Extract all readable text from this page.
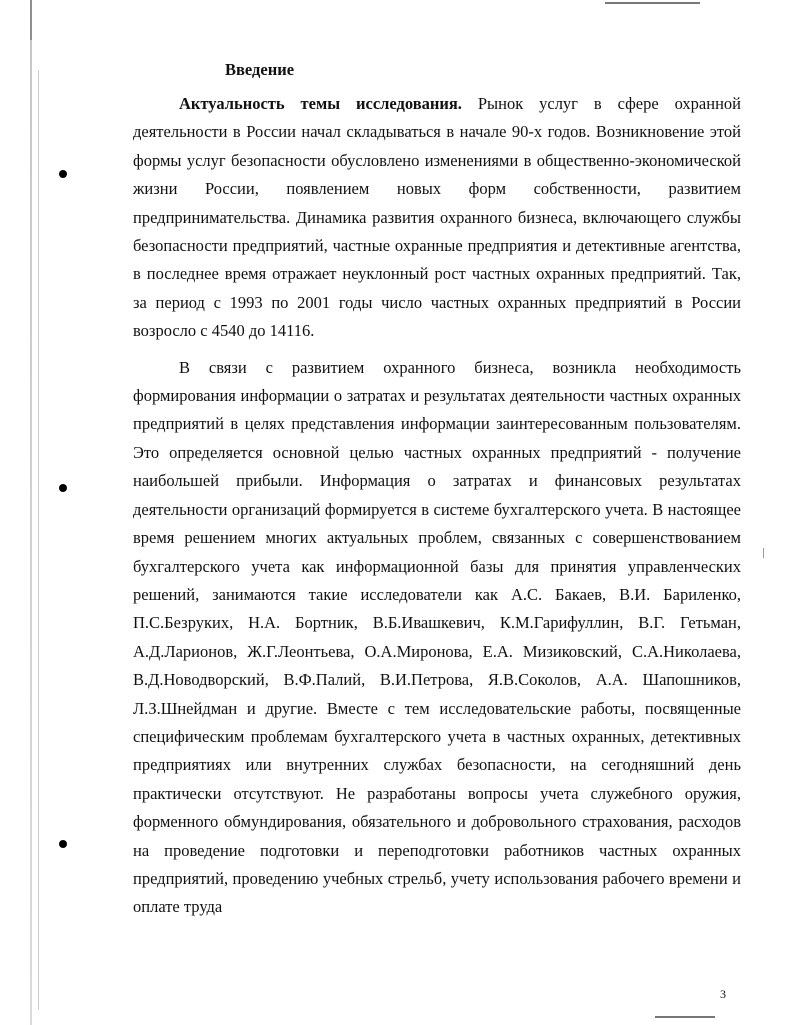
Введение

Актуальность темы исследования. Рынок услуг в сфере охранной деятельности в России начал складываться в начале 90-х годов. Возникновение этой формы услуг безопасности обусловлено изменениями в общественно-экономической жизни России, появлением новых форм собственности, развитием предпринимательства. Динамика развития охранного бизнеса, включающего службы безопасности предприятий, частные охранные предприятия и детективные агентства, в последнее время отражает неуклонный рост частных охранных предприятий. Так, за период с 1993 по 2001 годы число частных охранных предприятий в России возросло с 4540 до 14116.

В связи с развитием охранного бизнеса, возникла необходимость формирования информации о затратах и результатах деятельности частных охранных предприятий в целях представления информации заинтересованным пользователям. Это определяется основной целью частных охранных предприятий - получение наибольшей прибыли. Информация о затратах и финансовых результатах деятельности организаций формируется в системе бухгалтерского учета. В настоящее время решением многих актуальных проблем, связанных с совершенствованием бухгалтерского учета как информационной базы для принятия управленческих решений, занимаются такие исследователи как А.С. Бакаев, В.И. Бариленко, П.С.Безруких, Н.А. Бортник, В.Б.Ивашкевич, К.М.Гарифуллин, В.Г. Гетьман, А.Д.Ларионов, Ж.Г.Леонтьева, О.А.Миронова, Е.А. Мизиковский, С.А.Николаева, В.Д.Новодворский, В.Ф.Палий, В.И.Петрова, Я.В.Соколов, А.А. Шапошников, Л.З.Шнейдман и другие. Вместе с тем исследовательские работы, посвященные специфическим проблемам бухгалтерского учета в частных охранных, детективных предприятиях или внутренних службах безопасности, на сегодняшний день практически отсутствуют. Не разработаны вопросы учета служебного оружия, форменного обмундирования, обязательного и добровольного страхования, расходов на проведение подготовки и переподготовки работников частных охранных предприятий, проведению учебных стрельб, учету использования рабочего времени и оплате труда

3
